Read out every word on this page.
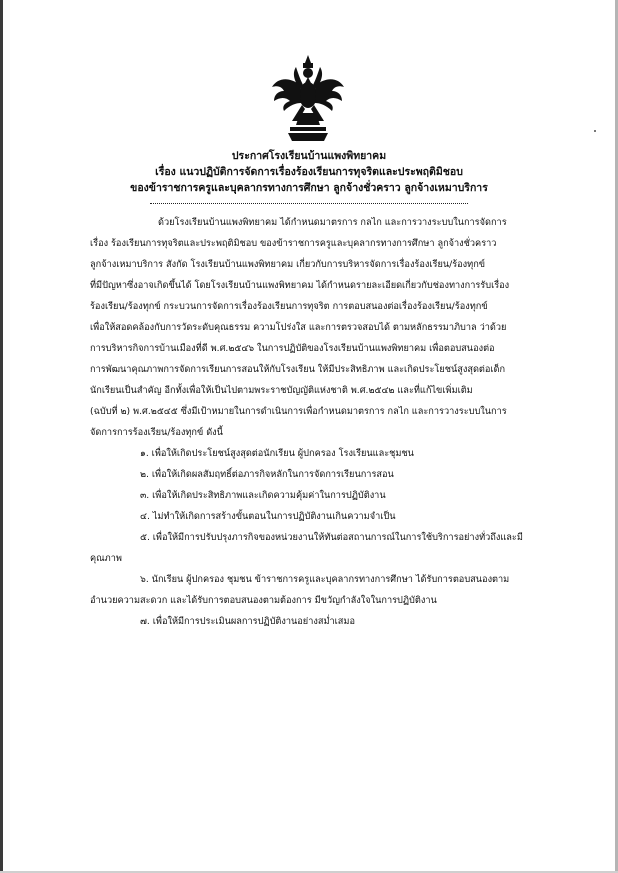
ประกาศโรงเรียนบ้านแพงพิทยาคม
เรื่อง แนวปฏิบัติการจัดการเรื่องร้องเรียนการทุจริตและประพฤติมิชอบ
ของข้าราชการครูและบุคลากรทางการศึกษา ลูกจ้างชั่วคราว ลูกจ้างเหมาบริการ
ด้วยโรงเรียนบ้านแพงพิทยาคม ได้กำหนดมาตรการ กลไก และการวางระบบในการจัดการ
เรื่อง ร้องเรียนการทุจริตและประพฤติมิชอบ ของข้าราชการครูและบุคลากรทางการศึกษา ลูกจ้างชั่วคราว
ลูกจ้างเหมาบริการ สังกัด โรงเรียนบ้านแพงพิทยาคม เกี่ยวกับการบริหารจัดการเรื่องร้องเรียน/ร้องทุกข์
ที่มีปัญหาซึ่งอาจเกิดขึ้นได้ โดยโรงเรียนบ้านแพงพิทยาคม ได้กำหนดรายละเอียดเกี่ยวกับช่องทางการรับเรื่อง
ร้องเรียน/ร้องทุกข์ กระบวนการจัดการเรื่องร้องเรียนการทุจริต การตอบสนองต่อเรื่องร้องเรียน/ร้องทุกข์
เพื่อให้สอดคล้องกับการวัดระดับคุณธรรม ความโปร่งใส และการตรวจสอบได้ ตามหลักธรรมาภิบาล ว่าด้วย
การบริหารกิจการบ้านเมืองที่ดี พ.ศ.๒๕๔๖ ในการปฏิบัติของโรงเรียนบ้านแพงพิทยาคม เพื่อตอบสนองต่อ
การพัฒนาคุณภาพการจัดการเรียนการสอนให้กับโรงเรียน ให้มีประสิทธิภาพ และเกิดประโยชน์สูงสุดต่อเด็ก
นักเรียนเป็นสำคัญ อีกทั้งเพื่อให้เป็นไปตามพระราชบัญญัติแห่งชาติ พ.ศ.๒๕๔๒ และที่แก้ไขเพิ่มเติม
(ฉบับที่ ๒) พ.ศ.๒๕๔๕ ซึ่งมีเป้าหมายในการดำเนินการเพื่อกำหนดมาตรการ กลไก และการวางระบบในการ
จัดการการร้องเรียน/ร้องทุกข์ ดังนี้
๑. เพื่อให้เกิดประโยชน์สูงสุดต่อนักเรียน ผู้ปกครอง โรงเรียนและชุมชน
๒. เพื่อให้เกิดผลสัมฤทธิ์ต่อภารกิจหลักในการจัดการเรียนการสอน
๓. เพื่อให้เกิดประสิทธิภาพและเกิดความคุ้มค่าในการปฏิบัติงาน
๔. ไม่ทำให้เกิดการสร้างขั้นตอนในการปฏิบัติงานเกินความจำเป็น
๕. เพื่อให้มีการปรับปรุงภารกิจของหน่วยงานให้ทันต่อสถานการณ์ในการใช้บริการอย่างทั่วถึงและมี
คุณภาพ
๖. นักเรียน ผู้ปกครอง ชุมชน ข้าราชการครูและบุคลากรทางการศึกษา ได้รับการตอบสนองตาม
อำนวยความสะดวก และได้รับการตอบสนองตามต้องการ มีขวัญกำลังใจในการปฏิบัติงาน
๗. เพื่อให้มีการประเมินผลการปฏิบัติงานอย่างสม่ำเสมอ
